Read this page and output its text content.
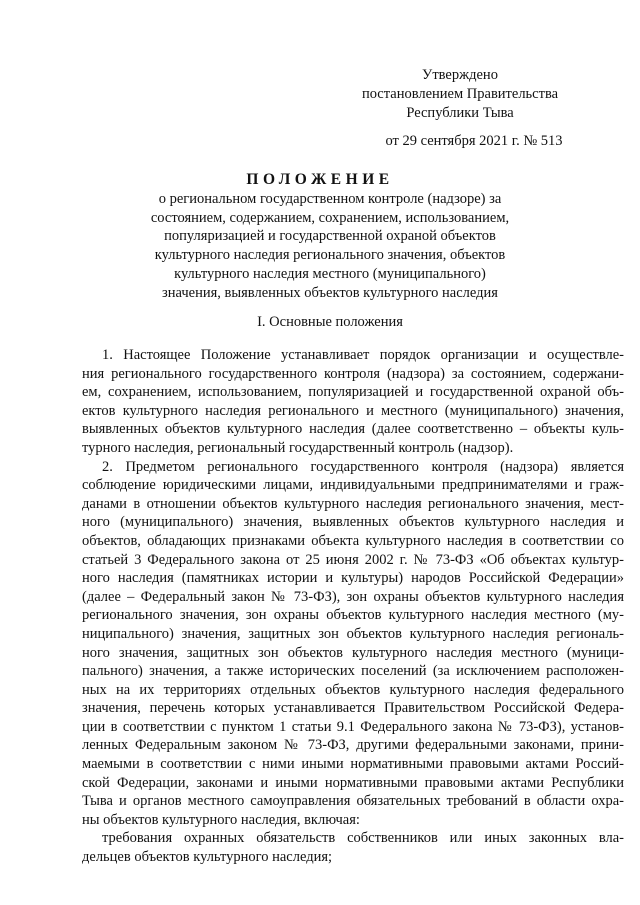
Утверждено
постановлением Правительства
Республики Тыва
от 29 сентября 2021 г. № 513
ПОЛОЖЕНИЕ
о региональном государственном контроле (надзоре) за
состоянием, содержанием, сохранением, использованием,
популяризацией и государственной охраной объектов
культурного наследия регионального значения, объектов
культурного наследия местного (муниципального)
значения, выявленных объектов культурного наследия
I. Основные положения
1. Настоящее Положение устанавливает порядок организации и осуществле-
ния регионального государственного контроля (надзора) за состоянием, содержани-
ем, сохранением, использованием, популяризацией и государственной охраной объ-
ектов культурного наследия регионального и местного (муниципального) значения,
выявленных объектов культурного наследия (далее соответственно – объекты куль-
турного наследия, региональный государственный контроль (надзор).
2. Предметом регионального государственного контроля (надзора) является
соблюдение юридическими лицами, индивидуальными предпринимателями и граж-
данами в отношении объектов культурного наследия регионального значения, мест-
ного (муниципального) значения, выявленных объектов культурного наследия и
объектов, обладающих признаками объекта культурного наследия в соответствии со
статьей 3 Федерального закона от 25 июня 2002 г. № 73-ФЗ «Об объектах культур-
ного наследия (памятниках истории и культуры) народов Российской Федерации»
(далее – Федеральный закон № 73-ФЗ), зон охраны объектов культурного наследия
регионального значения, зон охраны объектов культурного наследия местного (му-
ниципального) значения, защитных зон объектов культурного наследия региональ-
ного значения, защитных зон объектов культурного наследия местного (муници-
пального) значения, а также исторических поселений (за исключением расположен-
ных на их территориях отдельных объектов культурного наследия федерального
значения, перечень которых устанавливается Правительством Российской Федера-
ции в соответствии с пунктом 1 статьи 9.1 Федерального закона № 73-ФЗ), установ-
ленных Федеральным законом № 73-ФЗ, другими федеральными законами, прини-
маемыми в соответствии с ними иными нормативными правовыми актами Россий-
ской Федерации, законами и иными нормативными правовыми актами Республики
Тыва и органов местного самоуправления обязательных требований в области охра-
ны объектов культурного наследия, включая:
требования охранных обязательств собственников или иных законных вла-
дельцев объектов культурного наследия;
